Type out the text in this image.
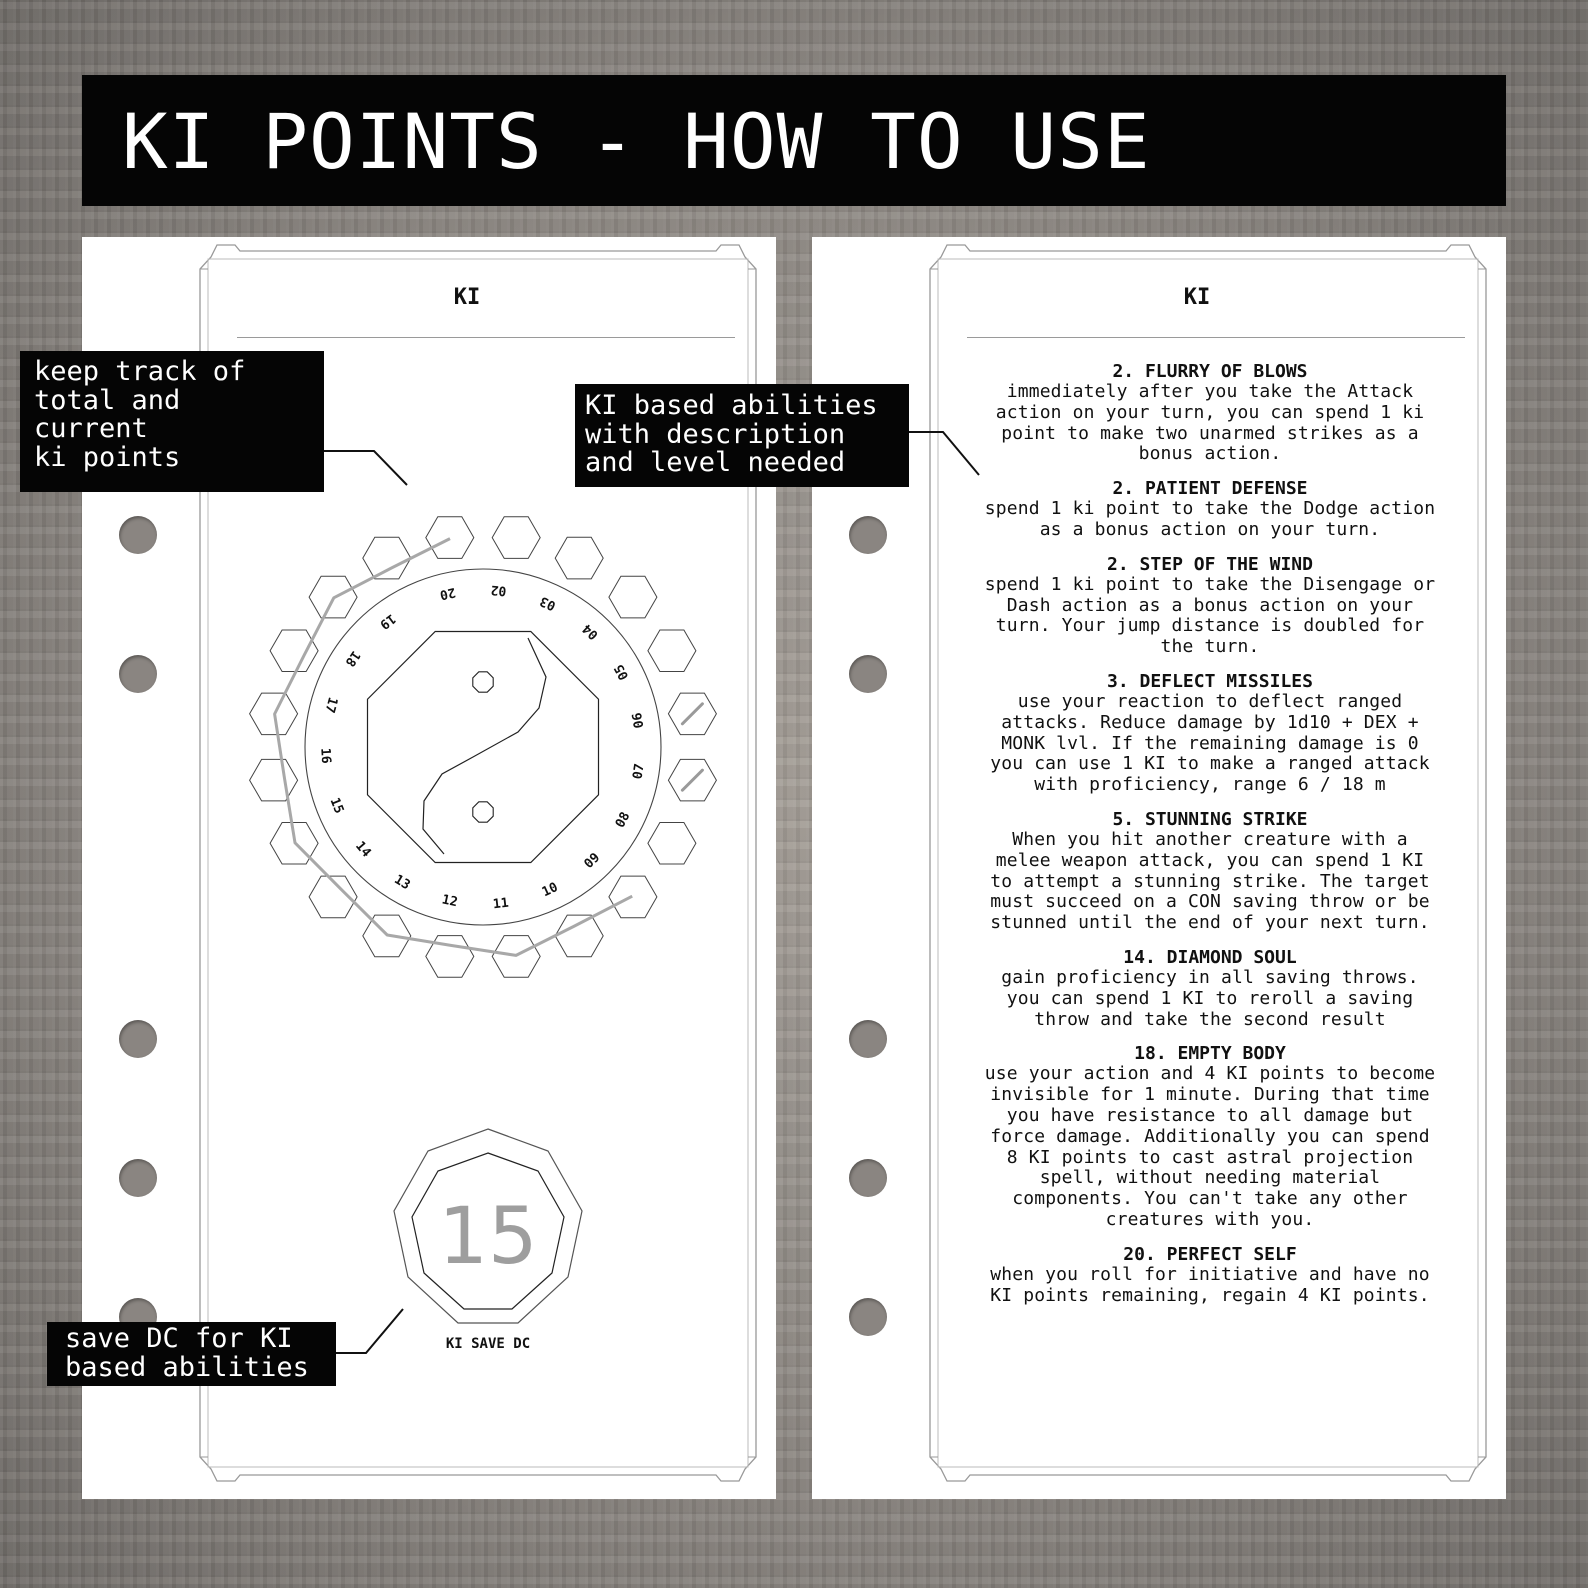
KI POINTS - HOW TO USE
KI
20	02
03
04
05
06
07
08
09
10
11
12
13
14
15
16
17
18
19
15
KI SAVE DC
KI
2. FLURRY OF BLOWS
immediately after you take the Attack
action on your turn, you can spend 1 ki
point to make two unarmed strikes as a
bonus action.
2. PATIENT DEFENSE
spend 1 ki point to take the Dodge action
as a bonus action on your turn.
2. STEP OF THE WIND
spend 1 ki point to take the Disengage or
Dash action as a bonus action on your
turn. Your jump distance is doubled for
the turn.
3. DEFLECT MISSILES
use your reaction to deflect ranged
attacks. Reduce damage by 1d10 + DEX +
MONK lvl. If the remaining damage is 0
you can use 1 KI to make a ranged attack
with proficiency, range 6 / 18 m
5. STUNNING STRIKE
When you hit another creature with a
melee weapon attack, you can spend 1 KI
to attempt a stunning strike. The target
must succeed on a CON saving throw or be
stunned until the end of your next turn.
14. DIAMOND SOUL
gain proficiency in all saving throws.
you can spend 1 KI to reroll a saving
throw and take the second result
18. EMPTY BODY
use your action and 4 KI points to become
invisible for 1 minute. During that time
you have resistance to all damage but
force damage. Additionally you can spend
8 KI points to cast astral projection
spell, without needing material
components. You can't take any other
creatures with you.
20. PERFECT SELF
when you roll for initiative and have no
KI points remaining, regain 4 KI points.
keep track of
total and
current
ki points
KI based abilities
with description
and level needed
save DC for KI
based abilities
